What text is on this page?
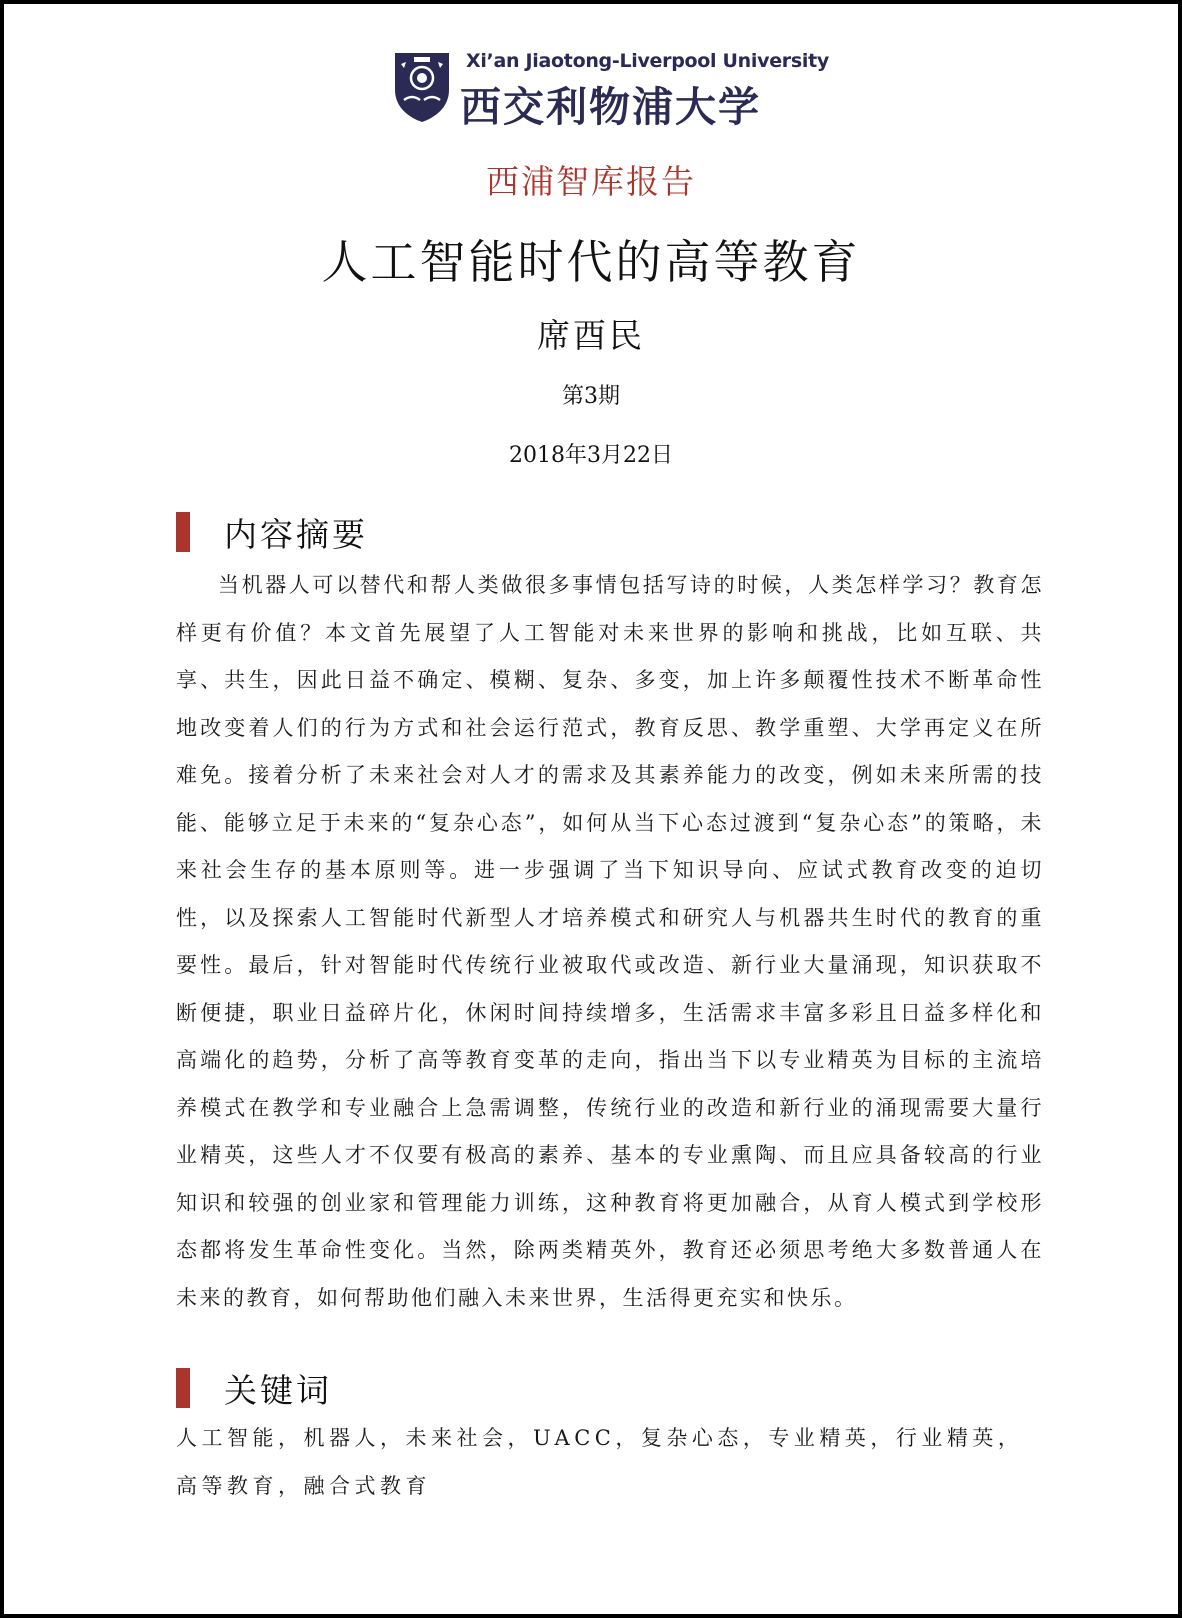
Xi’an Jiaotong-Liverpool University
西交利物浦大学
西浦智库报告
人工智能时代的高等教育
席酉民
第3期
2018年3月22日
内容摘要

当机器人可以替代和帮人类做很多事情包括写诗的时候，人类怎样学习？教育怎样更有价值？本文首先展望了人工智能对未来世界的影响和挑战，比如互联、共享、共生，因此日益不确定、模糊、复杂、多变，加上许多颠覆性技术不断革命性地改变着人们的行为方式和社会运行范式，教育反思、教学重塑、大学再定义在所难免。接着分析了未来社会对人才的需求及其素养能力的改变，例如未来所需的技能、能够立足于未来的“复杂心态”，如何从当下心态过渡到“复杂心态”的策略，未来社会生存的基本原则等。进一步强调了当下知识导向、应试式教育改变的迫切性，以及探索人工智能时代新型人才培养模式和研究人与机器共生时代的教育的重要性。最后，针对智能时代传统行业被取代或改造、新行业大量涌现，知识获取不断便捷，职业日益碎片化，休闲时间持续增多，生活需求丰富多彩且日益多样化和高端化的趋势，分析了高等教育变革的走向，指出当下以专业精英为目标的主流培养模式在教学和专业融合上急需调整，传统行业的改造和新行业的涌现需要大量行业精英，这些人才不仅要有极高的素养、基本的专业熏陶、而且应具备较高的行业知识和较强的创业家和管理能力训练，这种教育将更加融合，从育人模式到学校形态都将发生革命性变化。当然，除两类精英外，教育还必须思考绝大多数普通人在未来的教育，如何帮助他们融入未来世界，生活得更充实和快乐。

关键词

人工智能，机器人，未来社会，UACC，复杂心态，专业精英，行业精英，高等教育，融合式教育
